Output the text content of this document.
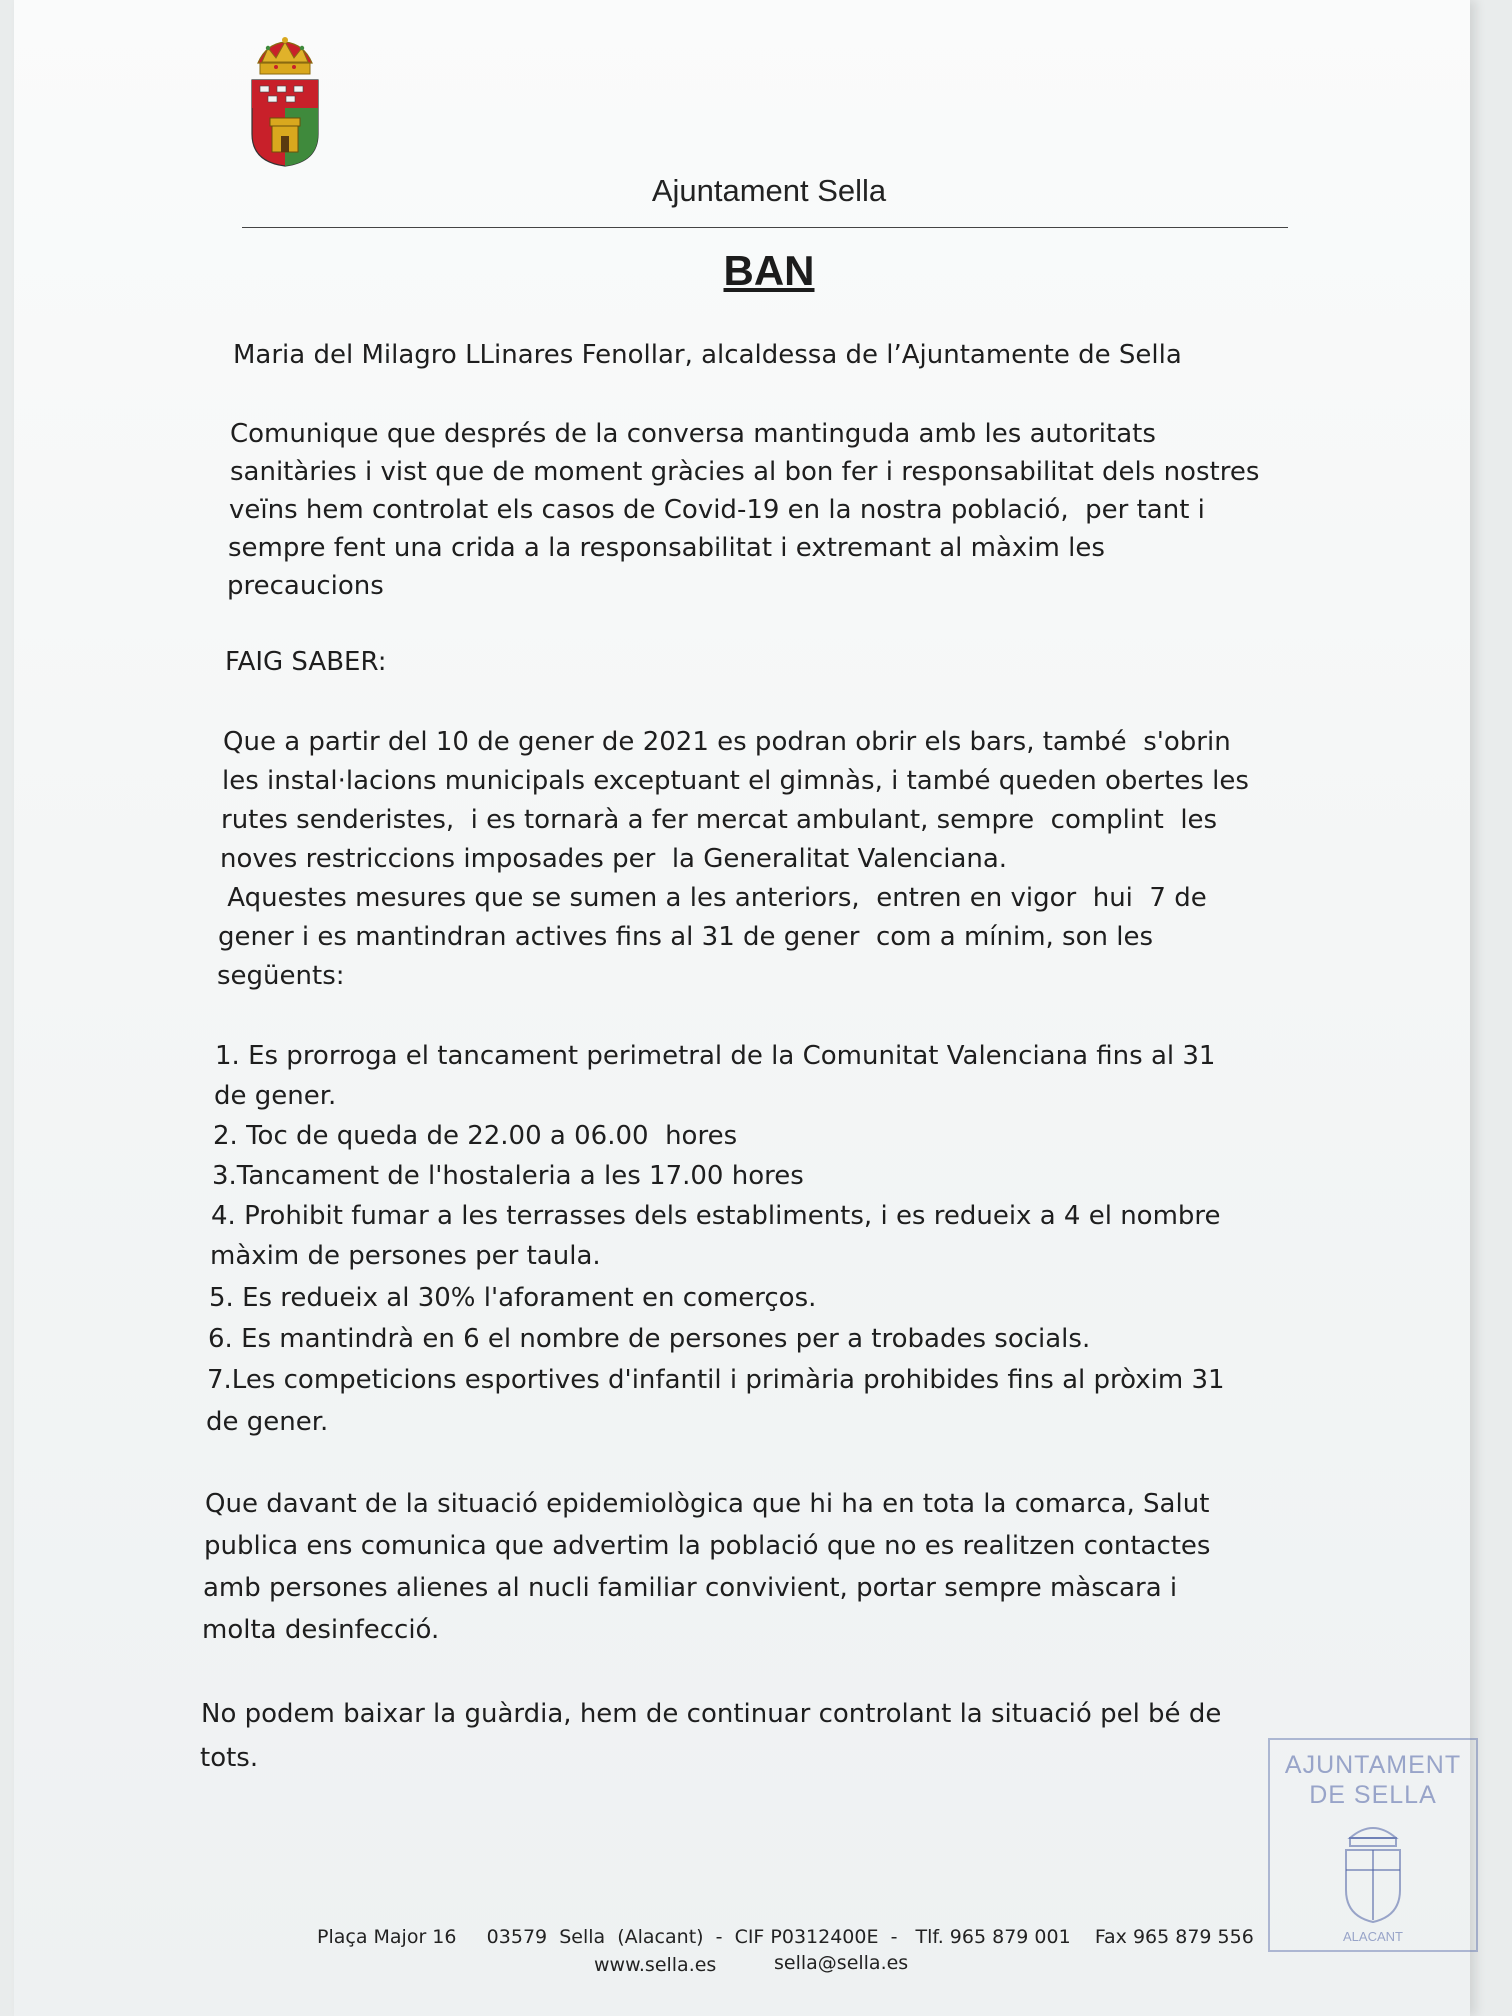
Ajuntament Sella
BAN
Maria del Milagro LLinares Fenollar, alcaldessa de l’Ajuntamente de Sella
Comunique que després de la conversa mantinguda amb les autoritats
sanitàries i vist que de moment gràcies al bon fer i responsabilitat dels nostres
veïns hem controlat els casos de Covid-19 en la nostra població,  per tant i
sempre fent una crida a la responsabilitat i extremant al màxim les
precaucions
FAIG SABER:
Que a partir del 10 de gener de 2021 es podran obrir els bars, també  s'obrin
les instal·lacions municipals exceptuant el gimnàs, i també queden obertes les
rutes senderistes,  i es tornarà a fer mercat ambulant, sempre  complint  les
noves restriccions imposades per  la Generalitat Valenciana.
Aquestes mesures que se sumen a les anteriors,  entren en vigor  hui  7 de
gener i es mantindran actives fins al 31 de gener  com a mínim, son les
següents:
1. Es prorroga el tancament perimetral de la Comunitat Valenciana fins al 31
de gener.
2. Toc de queda de 22.00 a 06.00  hores
3.Tancament de l'hostaleria a les 17.00 hores
4. Prohibit fumar a les terrasses dels establiments, i es redueix a 4 el nombre
màxim de persones per taula.
5. Es redueix al 30% l'aforament en comerços.
6. Es mantindrà en 6 el nombre de persones per a trobades socials.
7.Les competicions esportives d'infantil i primària prohibides fins al pròxim 31
de gener.
Que davant de la situació epidemiològica que hi ha en tota la comarca, Salut
publica ens comunica que advertim la població que no es realitzen contactes
amb persones alienes al nucli familiar convivient, portar sempre màscara i
molta desinfecció.
No podem baixar la guàrdia, hem de continuar controlant la situació pel bé de
tots.	AJUNTAMENT
DE SELLA
ALACANT
Plaça Major 16     03579  Sella  (Alacant)  -  CIF P0312400E  -   Tlf. 965 879 001    Fax 965 879 556
www.sella.es	sella@sella.es
